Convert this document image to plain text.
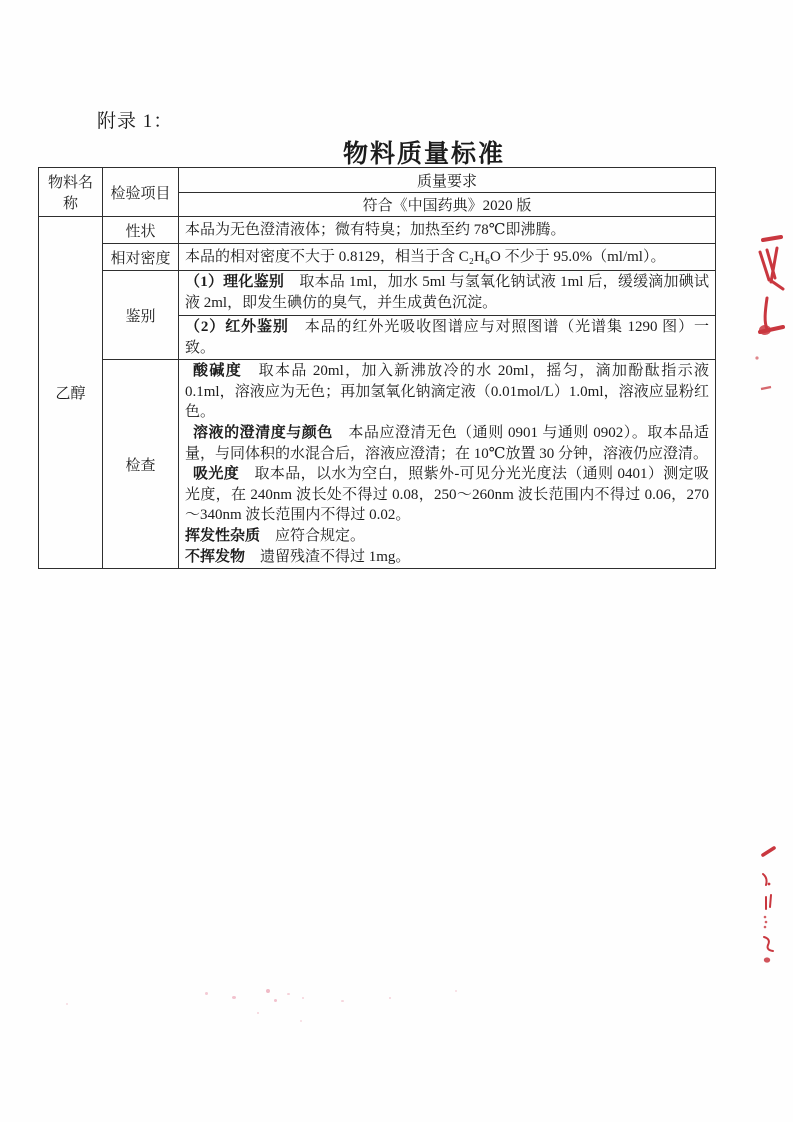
附录 1：
物料质量标准
物料名称	检验项目	质量要求
		符合《中国药典》2020 版
乙醇	性状	本品为无色澄清液体；微有特臭；加热至约 78℃即沸腾。
	相对密度	本品的相对密度不大于 0.8129，相当于含 C₂H₆O 不少于 95.0%（ml/ml）。
	鉴别	（1）理化鉴别　取本品 1ml，加水 5ml 与氢氧化钠试液 1ml 后，缓缓滴加碘试液 2ml，即发生碘仿的臭气，并生成黄色沉淀。

		（2）红外鉴别　本品的红外光吸收图谱应与对照图谱（光谱集 1290 图）一致。

	检查	酸碱度　取本品 20ml，加入新沸放冷的水 20ml，摇匀，滴加酚酞指示液 0.1ml，溶液应为无色；再加氢氧化钠滴定液（0.01mol/L）1.0ml，溶液应显粉红色。

溶液的澄清度与颜色　本品应澄清无色（通则 0901 与通则 0902）。取本品适量，与同体积的水混合后，溶液应澄清；在 10℃放置 30 分钟，溶液仍应澄清。

吸光度　取本品，以水为空白，照紫外-可见分光光度法（通则 0401）测定吸光度，在 240nm 波长处不得过 0.08，250～260nm 波长范围内不得过 0.06，270～340nm 波长范围内不得过 0.02。

挥发性杂质　应符合规定。

不挥发物　遗留残渣不得过 1mg。
